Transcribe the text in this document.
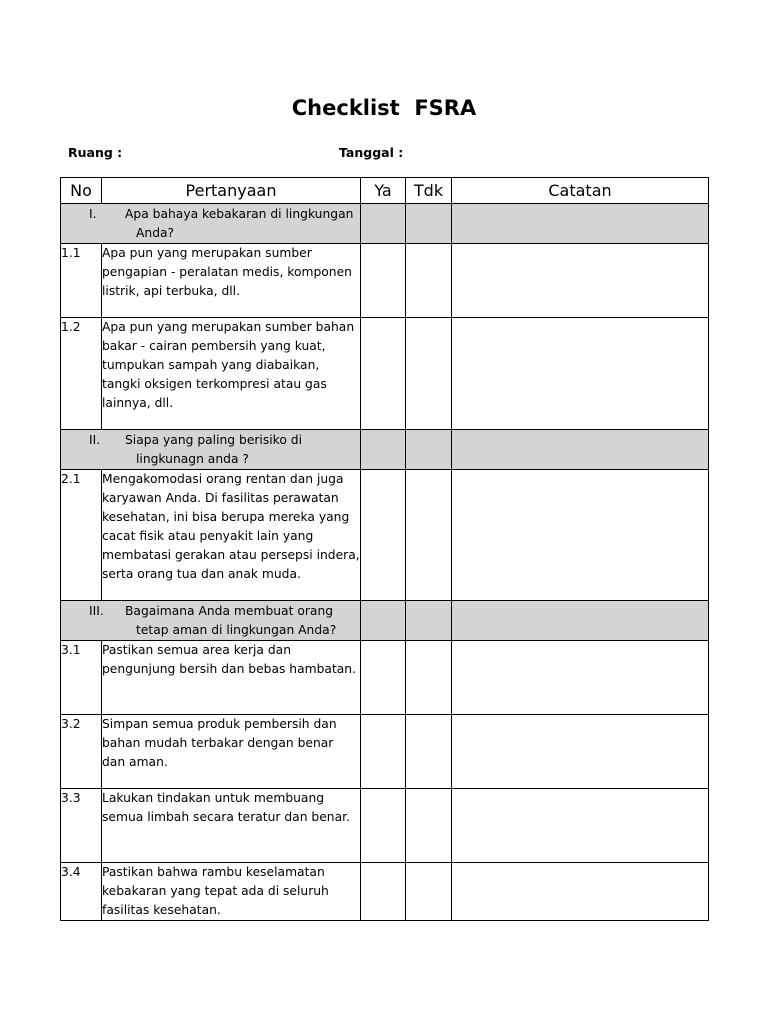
Checklist  FSRA
Ruang :	Tanggal :
No	Pertanyaan	Ya	Tdk	Catatan

I. Apa bahaya kebakaran di lingkungan
Anda?				

1.1	Apa pun yang merupakan sumber pengapian - peralatan medis, komponen listrik, api terbuka, dll.			
1.2	Apa pun yang merupakan sumber bahan bakar - cairan pembersih yang kuat, tumpukan sampah yang diabaikan, tangki oksigen terkompresi atau gas lainnya, dll.			

II. Siapa yang paling berisiko di
lingkunagn anda ?				

2.1	Mengakomodasi orang rentan dan juga karyawan Anda. Di fasilitas perawatan kesehatan, ini bisa berupa mereka yang cacat fisik atau penyakit lain yang membatasi gerakan atau persepsi indera, serta orang tua dan anak muda.			

III. Bagaimana Anda membuat orang
tetap aman di lingkungan Anda?				

3.1	Pastikan semua area kerja dan pengunjung bersih dan bebas hambatan.			
3.2	Simpan semua produk pembersih dan bahan mudah terbakar dengan benar dan aman.			
3.3	Lakukan tindakan untuk membuang semua limbah secara teratur dan benar.			
3.4	Pastikan bahwa rambu keselamatan kebakaran yang tepat ada di seluruh fasilitas kesehatan.			
